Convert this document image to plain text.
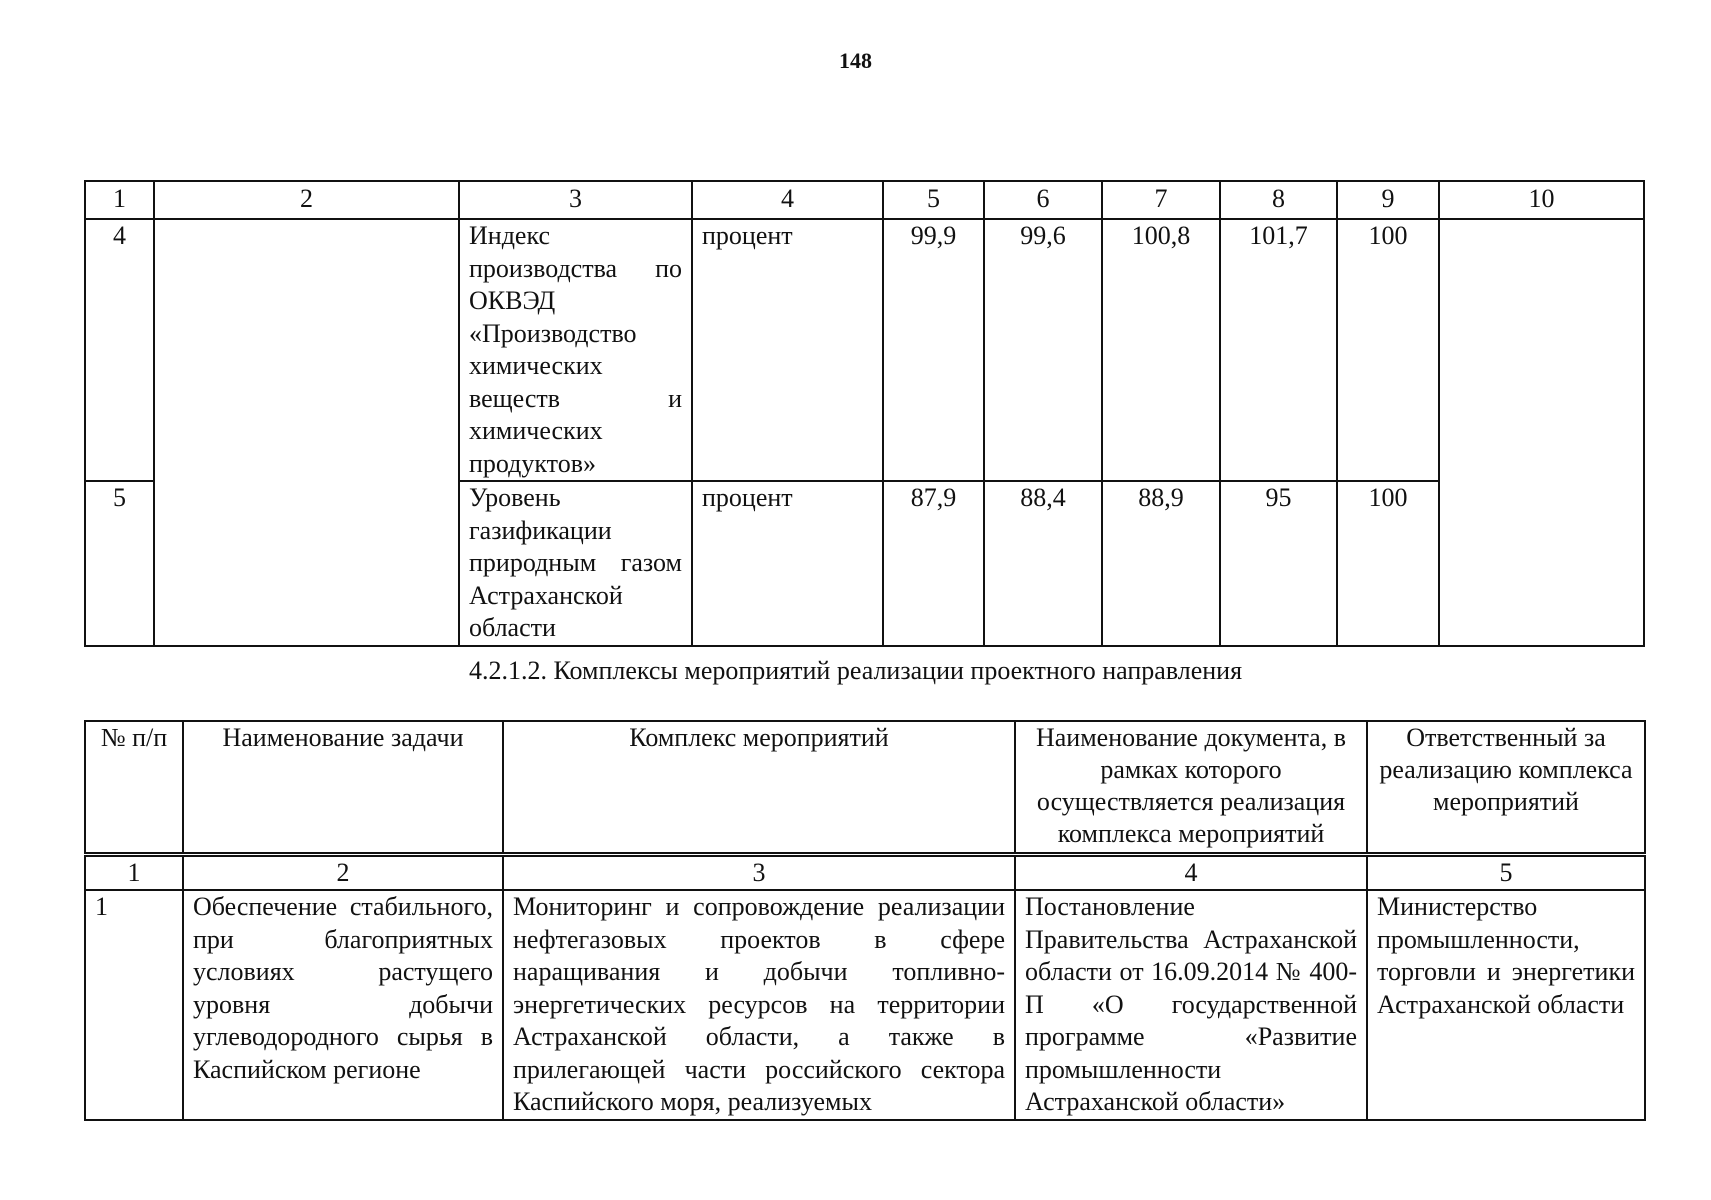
148
1	2	3	4	5	6	7	8	9	10
4		Индекс производства по ОКВЭД «Производство химических веществ и химических продуктов»	процент	99,9	99,6	100,8	101,7	100	
5		Уровень газификации природным газом Астраханской области	процент	87,9	88,4	88,9	95	100	
4.2.1.2. Комплексы мероприятий реализации проектного направления
№ п/п	Наименование задачи	Комплекс мероприятий	Наименование документа, в рамках которого осуществляется реализация комплекса мероприятий	Ответственный за реализацию комплекса мероприятий
1	2	3	4	5
1	Обеспечение стабильного, при благоприятных условиях растущего уровня добычи углеводородного сырья в Каспийском регионе	Мониторинг и сопровождение реализации нефтегазовых проектов в сфере наращивания и добычи топливно-энергетических ресурсов на территории Астраханской области, а также в прилегающей части российского сектора Каспийского моря, реализуемых	Постановление Правительства Астраханской области от 16.09.2014 № 400-П «О государственной программе «Развитие промышленности Астраханской области»	Министерство промышленности, торговли и энергетики Астраханской области
